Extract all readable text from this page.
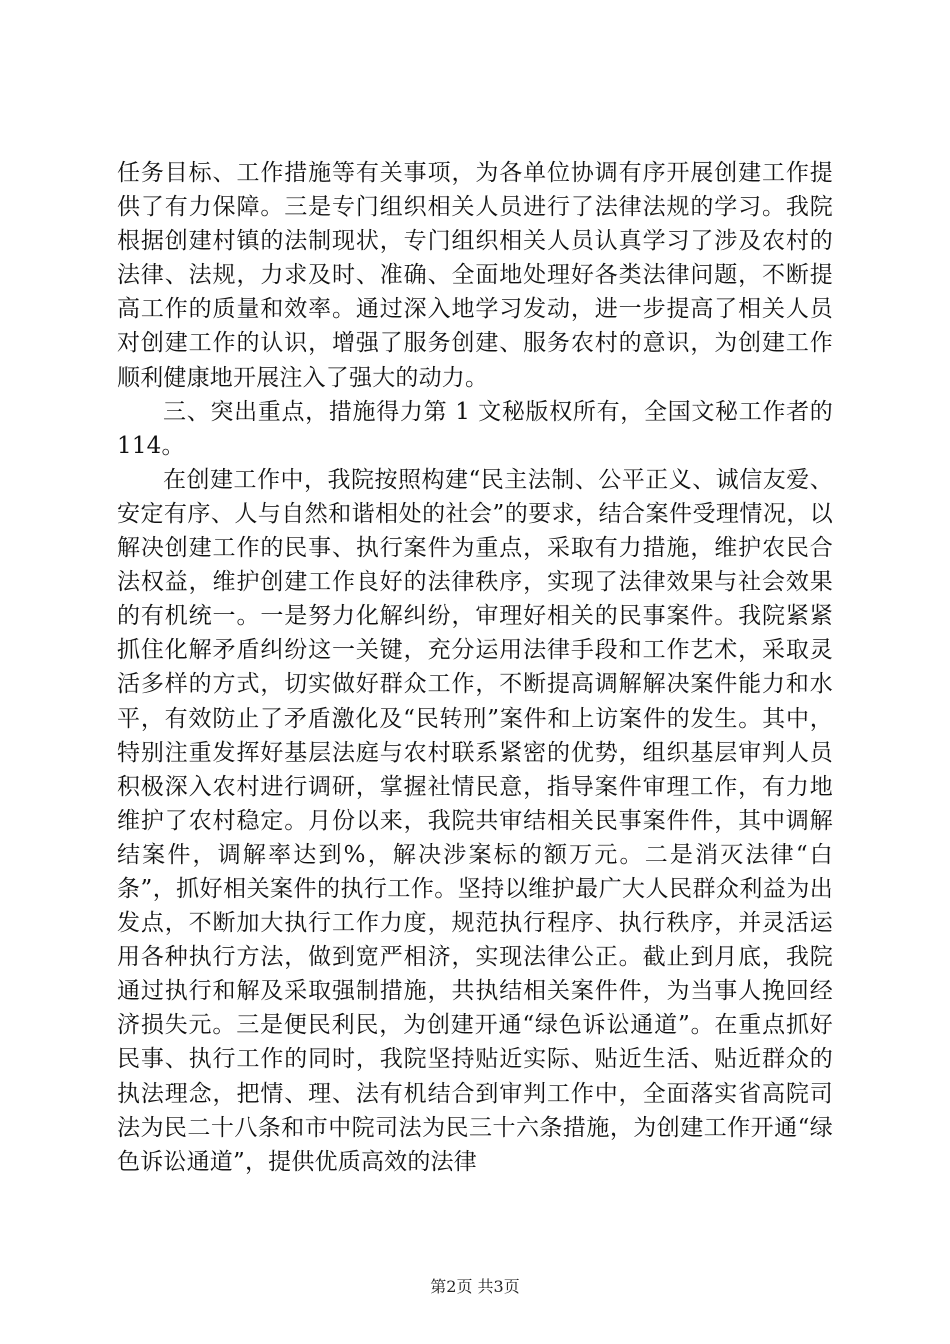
任务目标、工作措施等有关事项，为各单位协调有序开展创建工作提供了有力保障。三是专门组织相关人员进行了法律法规的学习。我院根据创建村镇的法制现状，专门组织相关人员认真学习了涉及农村的法律、法规，力求及时、准确、全面地处理好各类法律问题，不断提高工作的质量和效率。通过深入地学习发动，进一步提高了相关人员对创建工作的认识，增强了服务创建、服务农村的意识，为创建工作顺利健康地开展注入了强大的动力。

三、突出重点，措施得力第 1 文秘版权所有，全国文秘工作者的114。

在创建工作中，我院按照构建“民主法制、公平正义、诚信友爱、安定有序、人与自然和谐相处的社会”的要求，结合案件受理情况，以解决创建工作的民事、执行案件为重点，采取有力措施，维护农民合法权益，维护创建工作良好的法律秩序，实现了法律效果与社会效果的有机统一。一是努力化解纠纷，审理好相关的民事案件。我院紧紧抓住化解矛盾纠纷这一关键，充分运用法律手段和工作艺术，采取灵活多样的方式，切实做好群众工作，不断提高调解解决案件能力和水平，有效防止了矛盾激化及“民转刑”案件和上访案件的发生。其中，特别注重发挥好基层法庭与农村联系紧密的优势，组织基层审判人员积极深入农村进行调研，掌握社情民意，指导案件审理工作，有力地维护了农村稳定。月份以来，我院共审结相关民事案件件，其中调解结案件，调解率达到%，解决涉案标的额万元。二是消灭法律“白条”，抓好相关案件的执行工作。坚持以维护最广大人民群众利益为出发点，不断加大执行工作力度，规范执行程序、执行秩序，并灵活运用各种执行方法，做到宽严相济，实现法律公正。截止到月底，我院通过执行和解及采取强制措施，共执结相关案件件，为当事人挽回经济损失元。三是便民利民，为创建开通“绿色诉讼通道”。在重点抓好民事、执行工作的同时，我院坚持贴近实际、贴近生活、贴近群众的执法理念，把情、理、法有机结合到审判工作中，全面落实省高院司法为民二十八条和市中院司法为民三十六条措施，为创建工作开通“绿色诉讼通道”，提供优质高效的法律

第2页 共3页
